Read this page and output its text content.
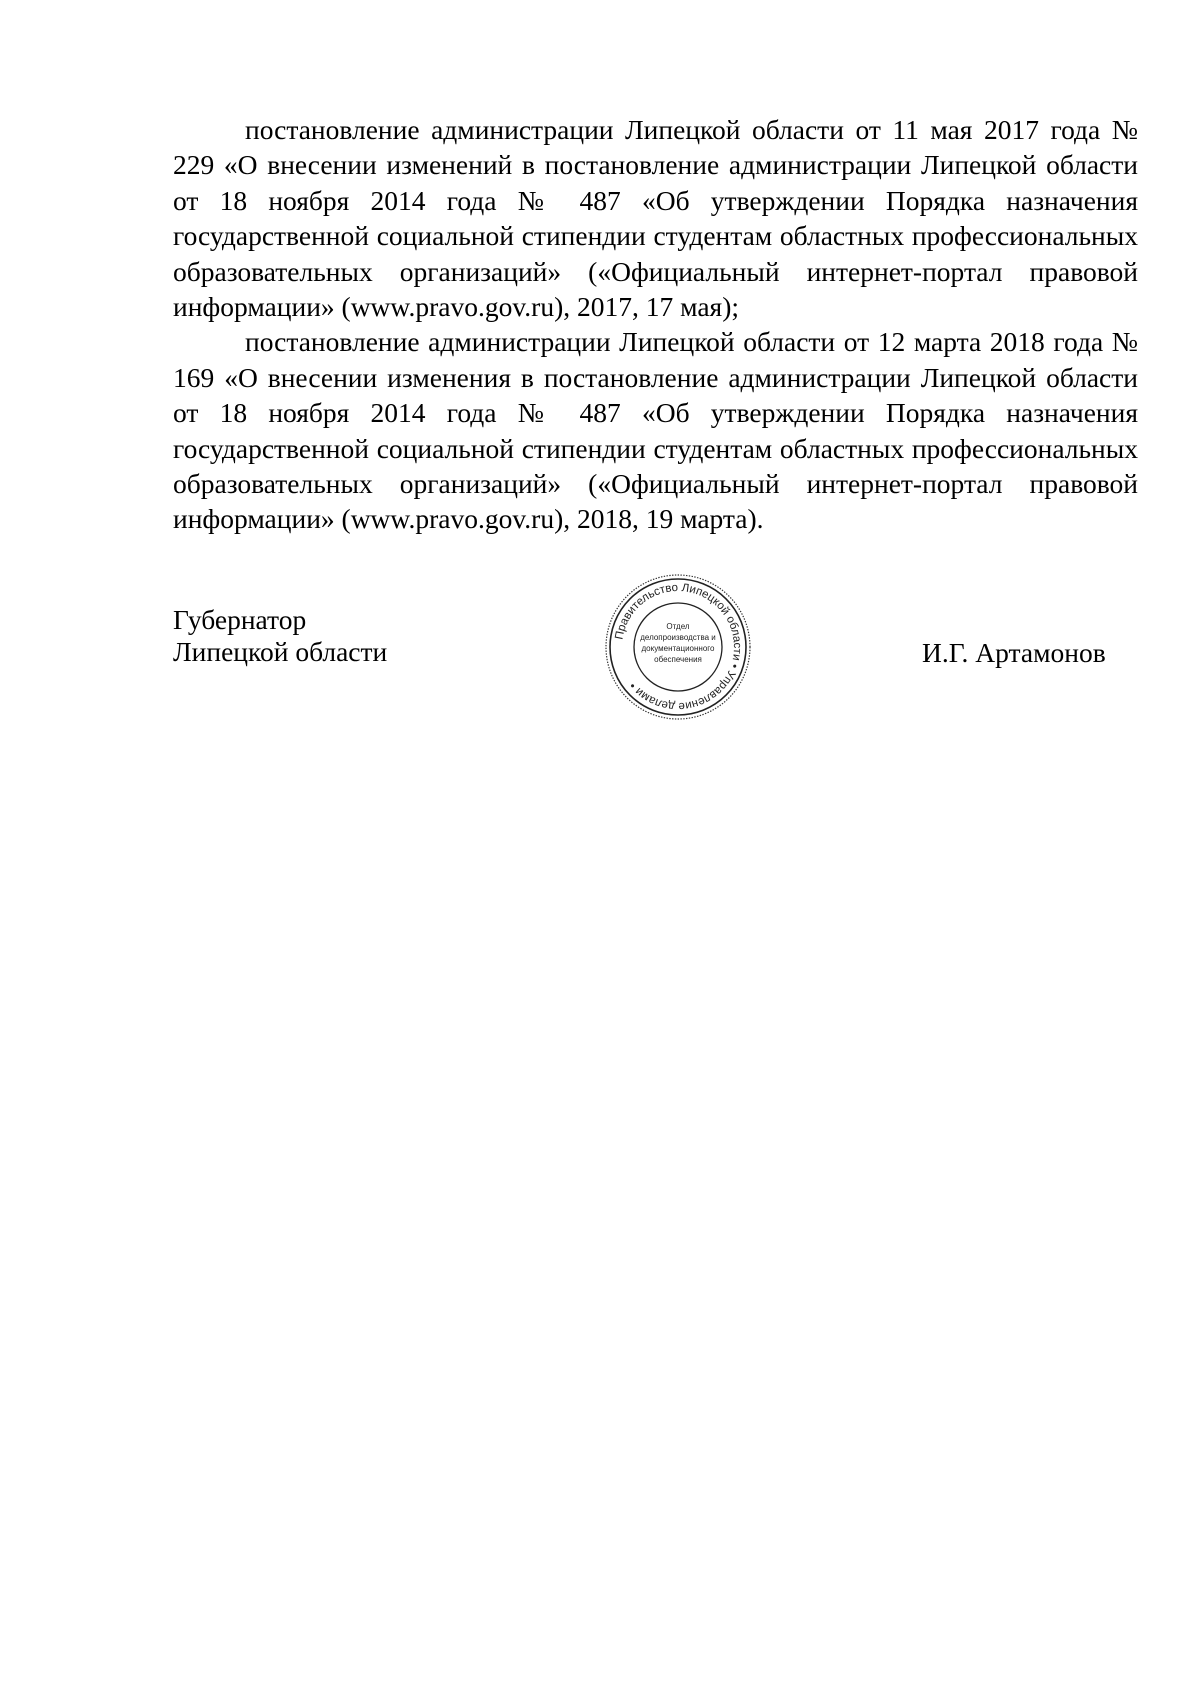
постановление администрации Липецкой области от 11 мая 2017 года № 229 «О внесении изменений в постановление администрации Липецкой области от 18 ноября 2014 года № 487 «Об утверждении Порядка назначения государственной социальной стипендии студентам областных профессиональных образовательных организаций» («Официальный интернет-портал правовой информации» (www.pravo.gov.ru), 2017, 17 мая);

постановление администрации Липецкой области от 12 марта 2018 года № 169 «О внесении изменения в постановление администрации Липецкой области от 18 ноября 2014 года № 487 «Об утверждении Порядка назначения государственной социальной стипендии студентам областных профессиональных образовательных организаций» («Официальный интернет-портал правовой информации» (www.pravo.gov.ru), 2018, 19 марта).

Губернатор
Липецкой области	И.Г. Артамонов
Правительство Липецкой области • Управление делами •
Отдел
делопроизводства и
документационного
обеспечения
